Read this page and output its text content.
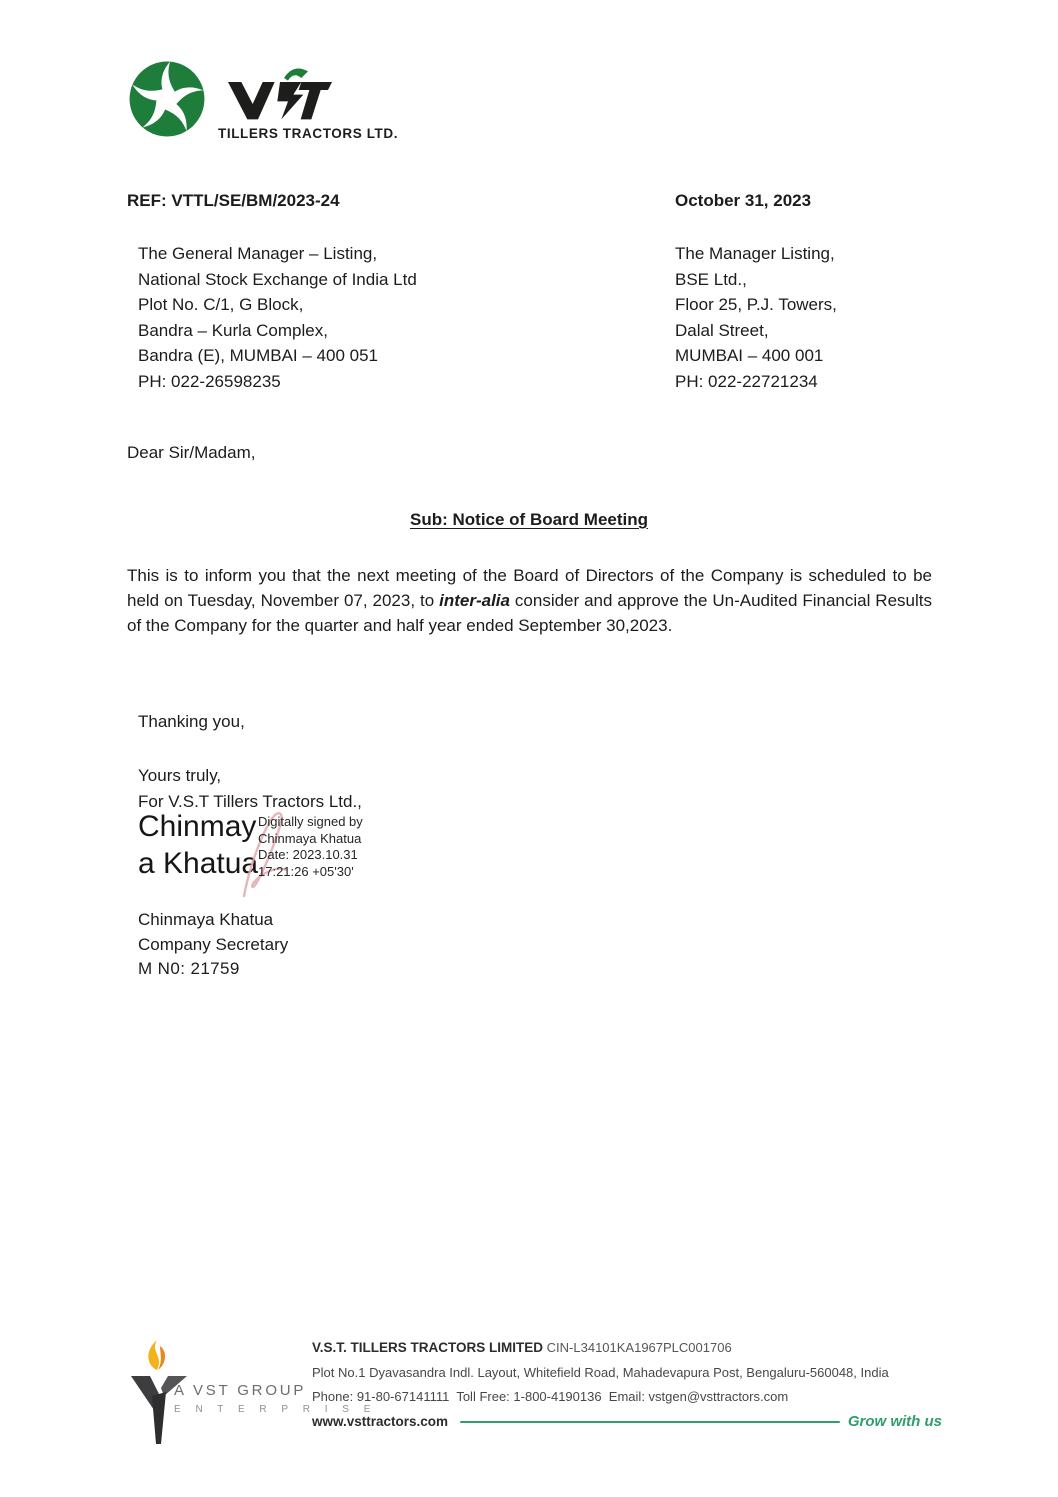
TILLERS TRACTORS LTD.
REF: VTTL/SE/BM/2023-24	October 31, 2023
The General Manager – Listing,
National Stock Exchange of India Ltd
Plot No. C/1, G Block,
Bandra – Kurla Complex,
Bandra (E), MUMBAI – 400 051
PH: 022-26598235
The Manager Listing,
BSE Ltd.,
Floor 25, P.J. Towers,
Dalal Street,
MUMBAI – 400 001
PH: 022-22721234
Dear Sir/Madam,
Sub: Notice of Board Meeting

This is to inform you that the next meeting of the Board of Directors of the Company is scheduled to be held on Tuesday, November 07, 2023, to inter-alia consider and approve the Un-Audited Financial Results of the Company for the quarter and half year ended September 30,2023.

Thanking you,
Yours truly,
For V.S.T Tillers Tractors Ltd.,
Chinmay
a Khatua
Digitally signed by
Chinmaya Khatua
Date: 2023.10.31
17:21:26 +05'30'
Chinmaya Khatua
Company Secretary
M N0: 21759
A VST GROUP
E N T E R P R I S E
V.S.T. TILLERS TRACTORS LIMITED CIN-L34101KA1967PLC001706
Plot No.1 Dyavasandra Indl. Layout, Whitefield Road, Mahadevapura Post, Bengaluru-560048, India
Phone: 91-80-67141111  Toll Free: 1-800-4190136  Email: vstgen@vsttractors.com
www.vsttractors.com	Grow with us
